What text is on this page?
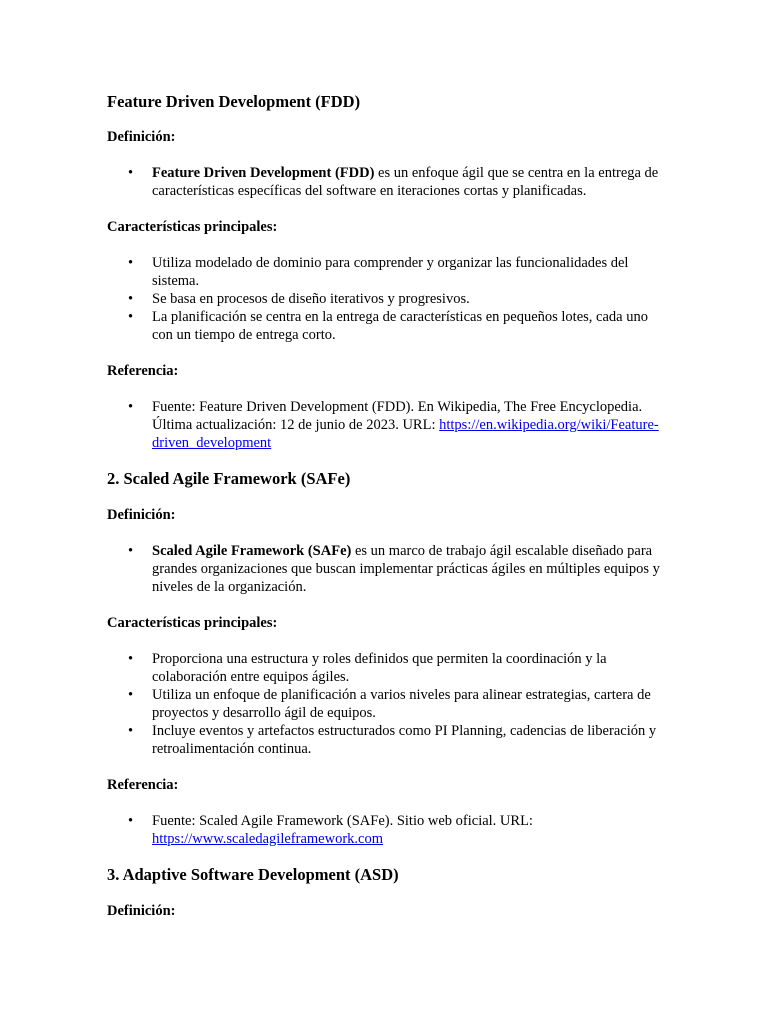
Feature Driven Development (FDD)

Definición:

• Feature Driven Development (FDD) es un enfoque ágil que se centra en la entrega de características específicas del software en iteraciones cortas y planificadas.

Características principales:

• Utiliza modelado de dominio para comprender y organizar las funcionalidades del sistema.
• Se basa en procesos de diseño iterativos y progresivos.
• La planificación se centra en la entrega de características en pequeños lotes, cada uno con un tiempo de entrega corto.

Referencia:

• Fuente: Feature Driven Development (FDD). En Wikipedia, The Free Encyclopedia. Última actualización: 12 de junio de 2023. URL: https://en.wikipedia.org/wiki/Feature-driven_development
2. Scaled Agile Framework (SAFe)

Definición:

• Scaled Agile Framework (SAFe) es un marco de trabajo ágil escalable diseñado para grandes organizaciones que buscan implementar prácticas ágiles en múltiples equipos y niveles de la organización.

Características principales:

• Proporciona una estructura y roles definidos que permiten la coordinación y la colaboración entre equipos ágiles.
• Utiliza un enfoque de planificación a varios niveles para alinear estrategias, cartera de proyectos y desarrollo ágil de equipos.
• Incluye eventos y artefactos estructurados como PI Planning, cadencias de liberación y retroalimentación continua.

Referencia:

• Fuente: Scaled Agile Framework (SAFe). Sitio web oficial. URL: https://www.scaledagileframework.com
3. Adaptive Software Development (ASD)

Definición:
